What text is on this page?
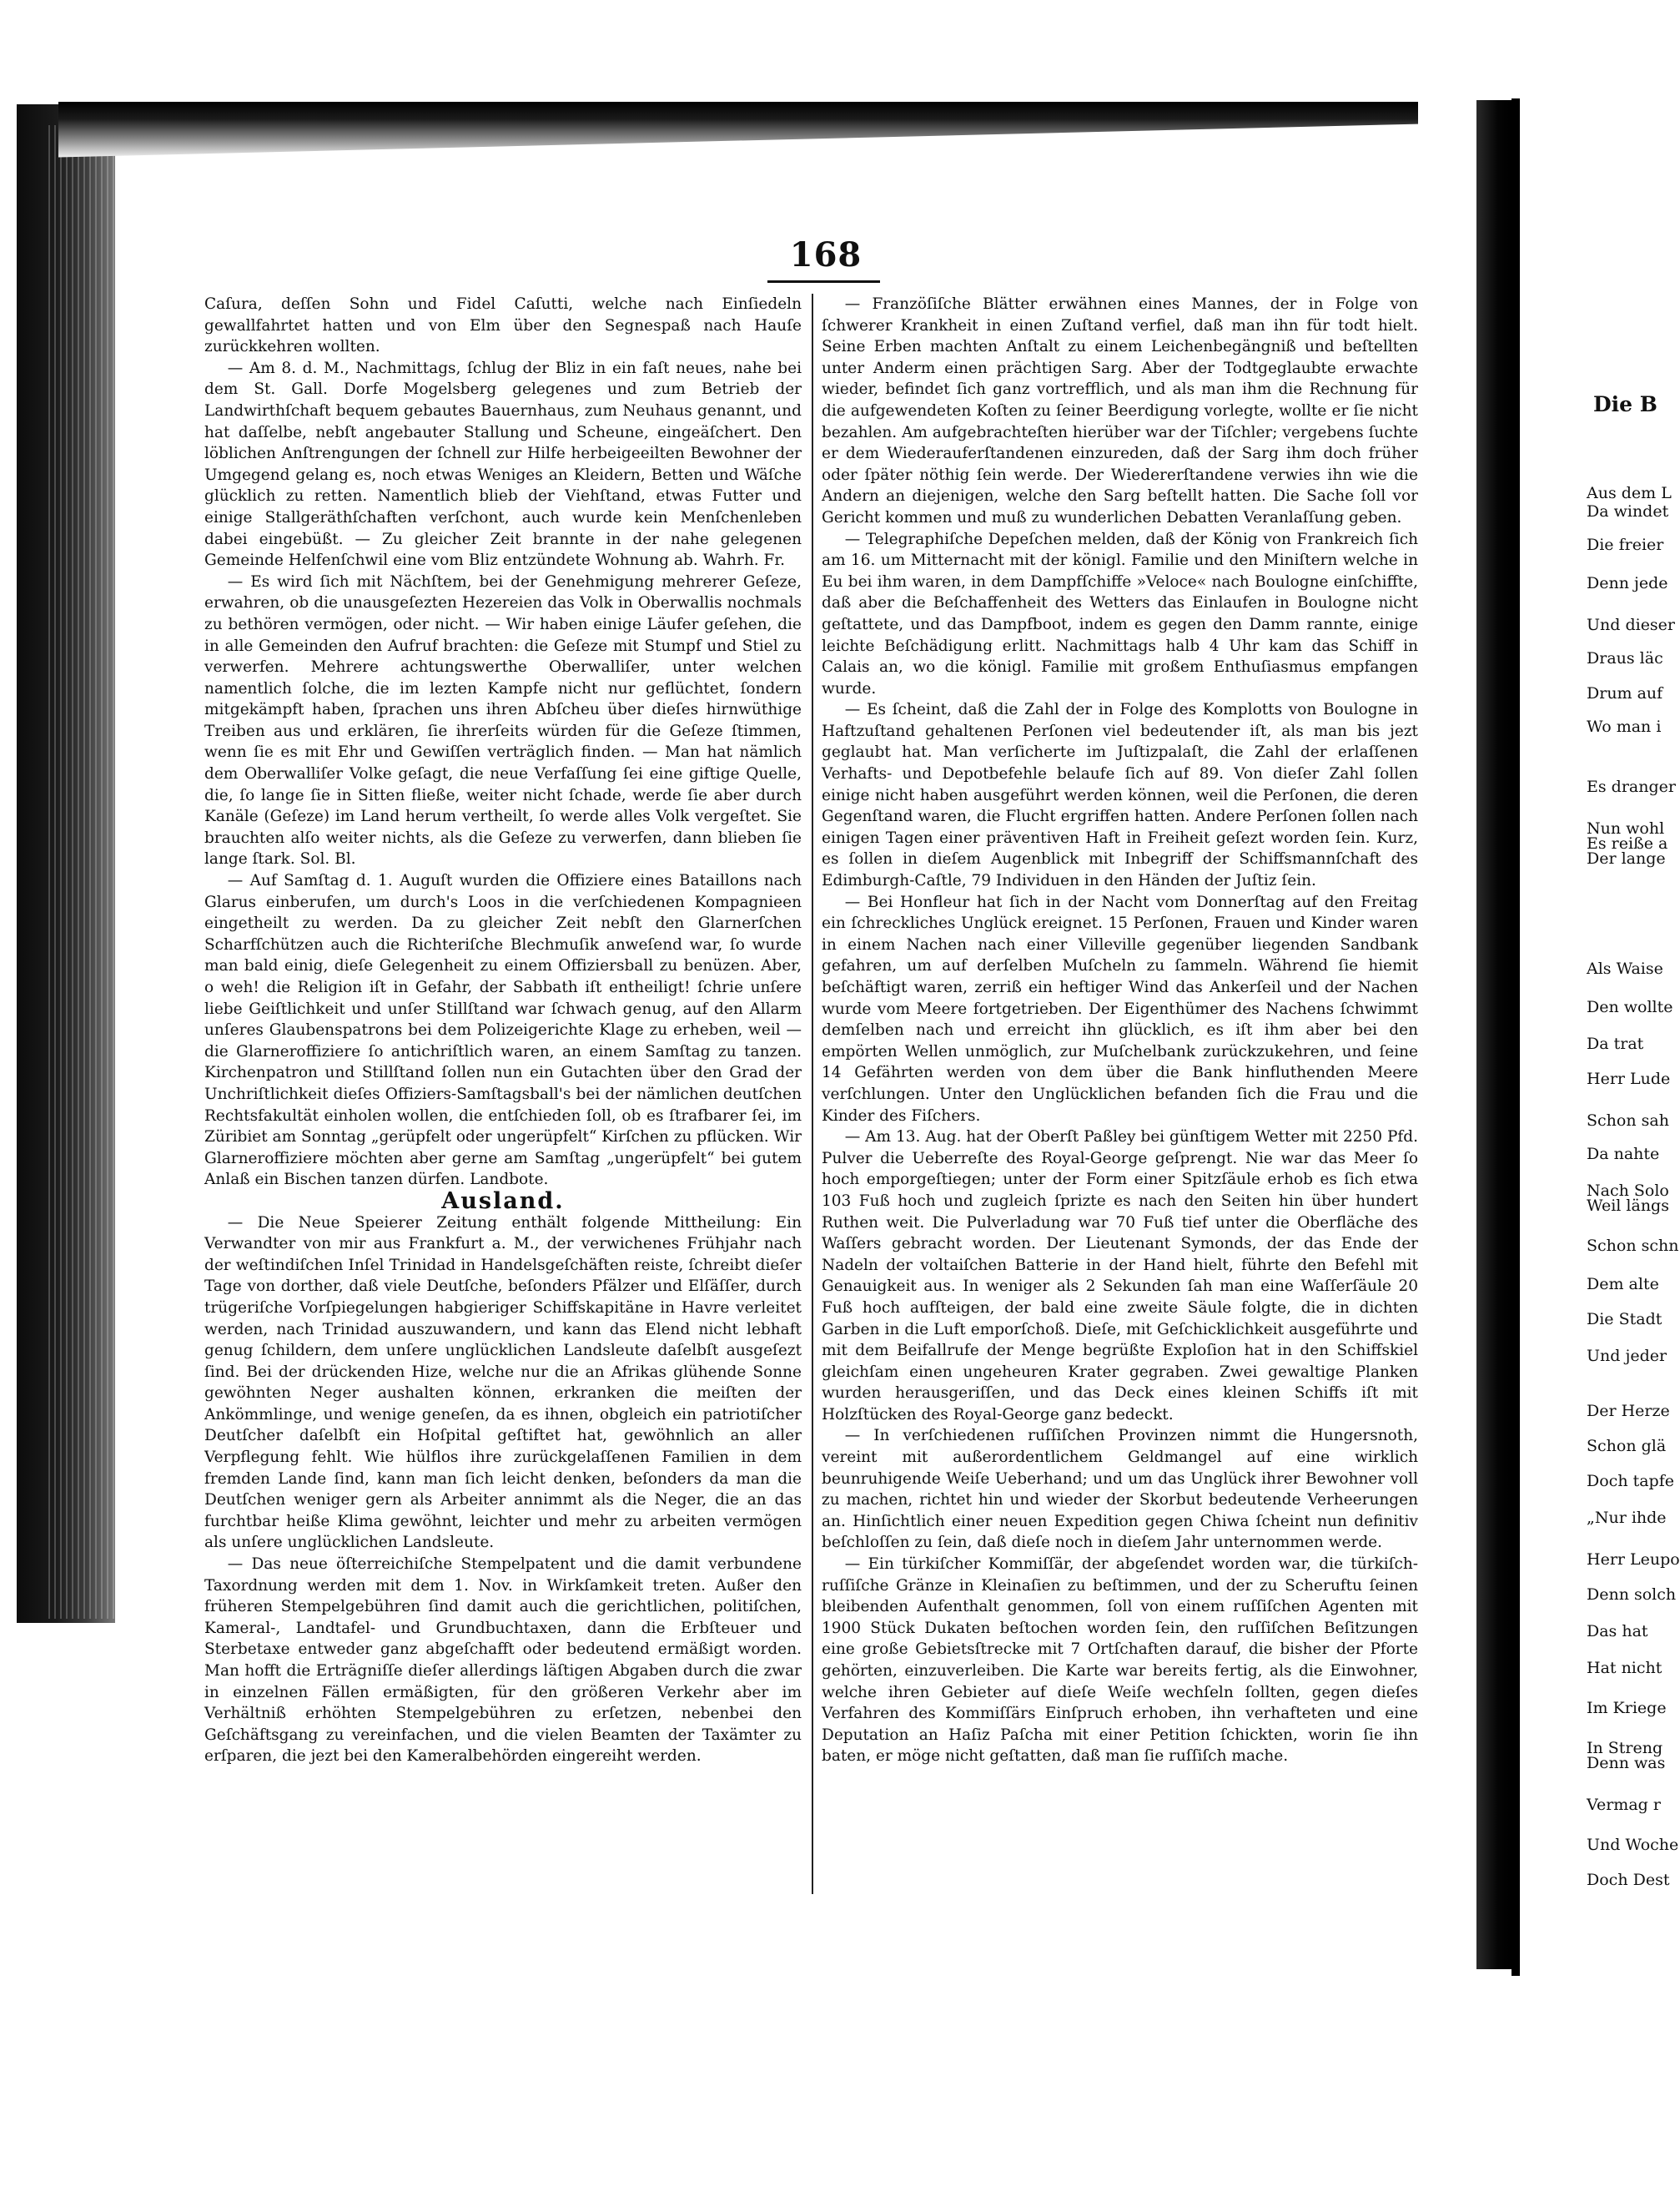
168

Caſura, deſſen Sohn und Fidel Caſutti, welche nach Einſiedeln gewallfahrtet hatten und von Elm über den Segnespaß nach Hauſe zurückkehren wollten.

— Am 8. d. M., Nachmittags, ſchlug der Bliz in ein faſt neues, nahe bei dem St. Gall. Dorfe Mogelsberg gelegenes und zum Betrieb der Landwirthſchaft bequem gebautes Bauernhaus, zum Neuhaus genannt, und hat daſſelbe, nebſt angebauter Stallung und Scheune, eingeäſchert. Den löblichen Anſtrengungen der ſchnell zur Hilfe herbeigeeilten Bewohner der Umgegend gelang es, noch etwas Weniges an Kleidern, Betten und Wäſche glücklich zu retten. Namentlich blieb der Viehſtand, etwas Futter und einige Stallgeräthſchaften verſchont, auch wurde kein Menſchenleben dabei eingebüßt. — Zu gleicher Zeit brannte in der nahe gelegenen Gemeinde Helfenſchwil eine vom Bliz entzündete Wohnung ab. Wahrh. Fr.

— Es wird ſich mit Nächſtem, bei der Genehmigung mehrerer Geſeze, erwahren, ob die unausgeſezten Hezereien das Volk in Oberwallis nochmals zu bethören vermögen, oder nicht. — Wir haben einige Läufer geſehen, die in alle Gemeinden den Aufruf brachten: die Geſeze mit Stumpf und Stiel zu verwerfen. Mehrere achtungswerthe Oberwalliſer, unter welchen namentlich ſolche, die im lezten Kampfe nicht nur geflüchtet, ſondern mitgekämpft haben, ſprachen uns ihren Abſcheu über dieſes hirnwüthige Treiben aus und erklären, ſie ihrerſeits würden für die Geſeze ſtimmen, wenn ſie es mit Ehr und Gewiſſen verträglich finden. — Man hat nämlich dem Oberwalliſer Volke geſagt, die neue Verfaſſung ſei eine giftige Quelle, die, ſo lange ſie in Sitten fließe, weiter nicht ſchade, werde ſie aber durch Kanäle (Geſeze) im Land herum vertheilt, ſo werde alles Volk vergeſtet. Sie brauchten alſo weiter nichts, als die Geſeze zu verwerfen, dann blieben ſie lange ſtark. Sol. Bl.

— Auf Samſtag d. 1. Auguſt wurden die Offiziere eines Bataillons nach Glarus einberufen, um durch's Loos in die verſchiedenen Kompagnieen eingetheilt zu werden. Da zu gleicher Zeit nebſt den Glarnerſchen Scharfſchützen auch die Richteriſche Blechmuſik anweſend war, ſo wurde man bald einig, dieſe Gelegenheit zu einem Offiziersball zu benüzen. Aber, o weh! die Religion iſt in Gefahr, der Sabbath iſt entheiligt! ſchrie unſere liebe Geiſtlichkeit und unſer Stillſtand war ſchwach genug, auf den Allarm unſeres Glaubenspatrons bei dem Polizeigerichte Klage zu erheben, weil — die Glarneroffiziere ſo antichriſtlich waren, an einem Samſtag zu tanzen. Kirchenpatron und Stillſtand ſollen nun ein Gutachten über den Grad der Unchriſtlichkeit dieſes Offiziers-Samſtagsball's bei der nämlichen deutſchen Rechtsfakultät einholen wollen, die entſchieden ſoll, ob es ſtrafbarer ſei, im Züribiet am Sonntag „gerüpfelt oder ungerüpfelt“ Kirſchen zu pflücken. Wir Glarneroffiziere möchten aber gerne am Samſtag „ungerüpfelt“ bei gutem Anlaß ein Bischen tanzen dürfen. Landbote.

Ausland.

— Die Neue Speierer Zeitung enthält folgende Mittheilung: Ein Verwandter von mir aus Frankfurt a. M., der verwichenes Frühjahr nach der weſtindiſchen Inſel Trinidad in Handelsgeſchäften reiste, ſchreibt dieſer Tage von dorther, daß viele Deutſche, beſonders Pfälzer und Elſäſſer, durch trügeriſche Vorſpiegelungen habgieriger Schiffskapitäne in Havre verleitet werden, nach Trinidad auszuwandern, und kann das Elend nicht lebhaft genug ſchildern, dem unſere unglücklichen Landsleute daſelbſt ausgeſezt ſind. Bei der drückenden Hize, welche nur die an Afrikas glühende Sonne gewöhnten Neger aushalten können, erkranken die meiſten der Ankömmlinge, und wenige geneſen, da es ihnen, obgleich ein patriotiſcher Deutſcher daſelbſt ein Hoſpital geſtiftet hat, gewöhnlich an aller Verpflegung fehlt. Wie hülflos ihre zurückgelaſſenen Familien in dem fremden Lande ſind, kann man ſich leicht denken, beſonders da man die Deutſchen weniger gern als Arbeiter annimmt als die Neger, die an das furchtbar heiße Klima gewöhnt, leichter und mehr zu arbeiten vermögen als unſere unglücklichen Landsleute.

— Das neue öſterreichiſche Stempelpatent und die damit verbundene Taxordnung werden mit dem 1. Nov. in Wirkſamkeit treten. Außer den früheren Stempelgebühren ſind damit auch die gerichtlichen, politiſchen, Kameral-, Landtafel- und Grundbuchtaxen, dann die Erbſteuer und Sterbetaxe entweder ganz abgeſchafft oder bedeutend ermäßigt worden. Man hofft die Erträgniſſe dieſer allerdings läſtigen Abgaben durch die zwar in einzelnen Fällen ermäßigten, für den größeren Verkehr aber im Verhältniß erhöhten Stempelgebühren zu erſetzen, nebenbei den Geſchäftsgang zu vereinfachen, und die vielen Beamten der Taxämter zu erſparen, die jezt bei den Kameralbehörden eingereiht werden.

— Franzöſiſche Blätter erwähnen eines Mannes, der in Folge von ſchwerer Krankheit in einen Zuſtand verfiel, daß man ihn für todt hielt. Seine Erben machten Anſtalt zu einem Leichenbegängniß und beſtellten unter Anderm einen prächtigen Sarg. Aber der Todtgeglaubte erwachte wieder, befindet ſich ganz vortrefflich, und als man ihm die Rechnung für die aufgewendeten Koſten zu ſeiner Beerdigung vorlegte, wollte er ſie nicht bezahlen. Am aufgebrachteſten hierüber war der Tiſchler; vergebens ſuchte er dem Wiederauferſtandenen einzureden, daß der Sarg ihm doch früher oder ſpäter nöthig ſein werde. Der Wiedererſtandene verwies ihn wie die Andern an diejenigen, welche den Sarg beſtellt hatten. Die Sache ſoll vor Gericht kommen und muß zu wunderlichen Debatten Veranlaſſung geben.

— Telegraphiſche Depeſchen melden, daß der König von Frankreich ſich am 16. um Mitternacht mit der königl. Familie und den Miniſtern welche in Eu bei ihm waren, in dem Dampfſchiffe »Veloce« nach Boulogne einſchiffte, daß aber die Beſchaffenheit des Wetters das Einlaufen in Boulogne nicht geſtattete, und das Dampfboot, indem es gegen den Damm rannte, einige leichte Beſchädigung erlitt. Nachmittags halb 4 Uhr kam das Schiff in Calais an, wo die königl. Familie mit großem Enthuſiasmus empfangen wurde.

— Es ſcheint, daß die Zahl der in Folge des Komplotts von Boulogne in Haftzuſtand gehaltenen Perſonen viel bedeutender iſt, als man bis jezt geglaubt hat. Man verſicherte im Juſtizpalaſt, die Zahl der erlaſſenen Verhafts- und Depotbefehle belaufe ſich auf 89. Von dieſer Zahl ſollen einige nicht haben ausgeführt werden können, weil die Perſonen, die deren Gegenſtand waren, die Flucht ergriffen hatten. Andere Perſonen ſollen nach einigen Tagen einer präventiven Haft in Freiheit geſezt worden ſein. Kurz, es ſollen in dieſem Augenblick mit Inbegriff der Schiffsmannſchaft des Edimburgh-Caſtle, 79 Individuen in den Händen der Juſtiz ſein.

— Bei Honfleur hat ſich in der Nacht vom Donnerſtag auf den Freitag ein ſchreckliches Unglück ereignet. 15 Perſonen, Frauen und Kinder waren in einem Nachen nach einer Villeville gegenüber liegenden Sandbank gefahren, um auf derſelben Muſcheln zu ſammeln. Während ſie hiemit beſchäftigt waren, zerriß ein heftiger Wind das Ankerſeil und der Nachen wurde vom Meere fortgetrieben. Der Eigenthümer des Nachens ſchwimmt demſelben nach und erreicht ihn glücklich, es iſt ihm aber bei den empörten Wellen unmöglich, zur Muſchelbank zurückzukehren, und ſeine 14 Gefährten werden von dem über die Bank hinfluthenden Meere verſchlungen. Unter den Unglücklichen befanden ſich die Frau und die Kinder des Fiſchers.

— Am 13. Aug. hat der Oberſt Paßley bei günſtigem Wetter mit 2250 Pfd. Pulver die Ueberreſte des Royal-George geſprengt. Nie war das Meer ſo hoch emporgeſtiegen; unter der Form einer Spitzſäule erhob es ſich etwa 103 Fuß hoch und zugleich ſprizte es nach den Seiten hin über hundert Ruthen weit. Die Pulverladung war 70 Fuß tief unter die Oberfläche des Waſſers gebracht worden. Der Lieutenant Symonds, der das Ende der Nadeln der voltaiſchen Batterie in der Hand hielt, führte den Befehl mit Genauigkeit aus. In weniger als 2 Sekunden ſah man eine Waſſerſäule 20 Fuß hoch aufſteigen, der bald eine zweite Säule folgte, die in dichten Garben in die Luft emporſchoß. Dieſe, mit Geſchicklichkeit ausgeführte und mit dem Beifallrufe der Menge begrüßte Exploſion hat in den Schiffskiel gleichſam einen ungeheuren Krater gegraben. Zwei gewaltige Planken wurden herausgeriſſen, und das Deck eines kleinen Schiffs iſt mit Holzſtücken des Royal-George ganz bedeckt.

— In verſchiedenen ruſſiſchen Provinzen nimmt die Hungersnoth, vereint mit außerordentlichem Geldmangel auf eine wirklich beunruhigende Weiſe Ueberhand; und um das Unglück ihrer Bewohner voll zu machen, richtet hin und wieder der Skorbut bedeutende Verheerungen an. Hinſichtlich einer neuen Expedition gegen Chiwa ſcheint nun definitiv beſchloſſen zu ſein, daß dieſe noch in dieſem Jahr unternommen werde.

— Ein türkiſcher Kommiſſär, der abgeſendet worden war, die türkiſch-ruſſiſche Gränze in Kleinaſien zu beſtimmen, und der zu Scheruftu ſeinen bleibenden Aufenthalt genommen, ſoll von einem ruſſiſchen Agenten mit 1900 Stück Dukaten beſtochen worden ſein, den ruſſiſchen Beſitzungen eine große Gebietsſtrecke mit 7 Ortſchaften darauf, die bisher der Pforte gehörten, einzuverleiben. Die Karte war bereits fertig, als die Einwohner, welche ihren Gebieter auf dieſe Weiſe wechſeln ſollten, gegen dieſes Verfahren des Kommiſſärs Einſpruch erhoben, ihn verhafteten und eine Deputation an Haſiz Paſcha mit einer Petition ſchickten, worin ſie ihn baten, er möge nicht geſtatten, daß man ſie ruſſiſch mache.

Die B
Aus dem L
Da windet
Die freier
Denn jede
Und dieser
Draus läc
Drum auf
Wo man i
Es dranger
Nun wohl
Es reiße a
Der lange
Als Waise
Den wollte
Da trat
Herr Lude
Schon sah
Da nahte
Nach Solo
Weil längs
Schon schn
Dem alte
Die Stadt
Und jeder
Der Herze
Schon glä
Doch tapfe
„Nur ihde
Herr Leupo
Denn solch
Das hat
Hat nicht
Im Kriege
In Streng
Denn was
Vermag r
Und Woche
Doch Dest
